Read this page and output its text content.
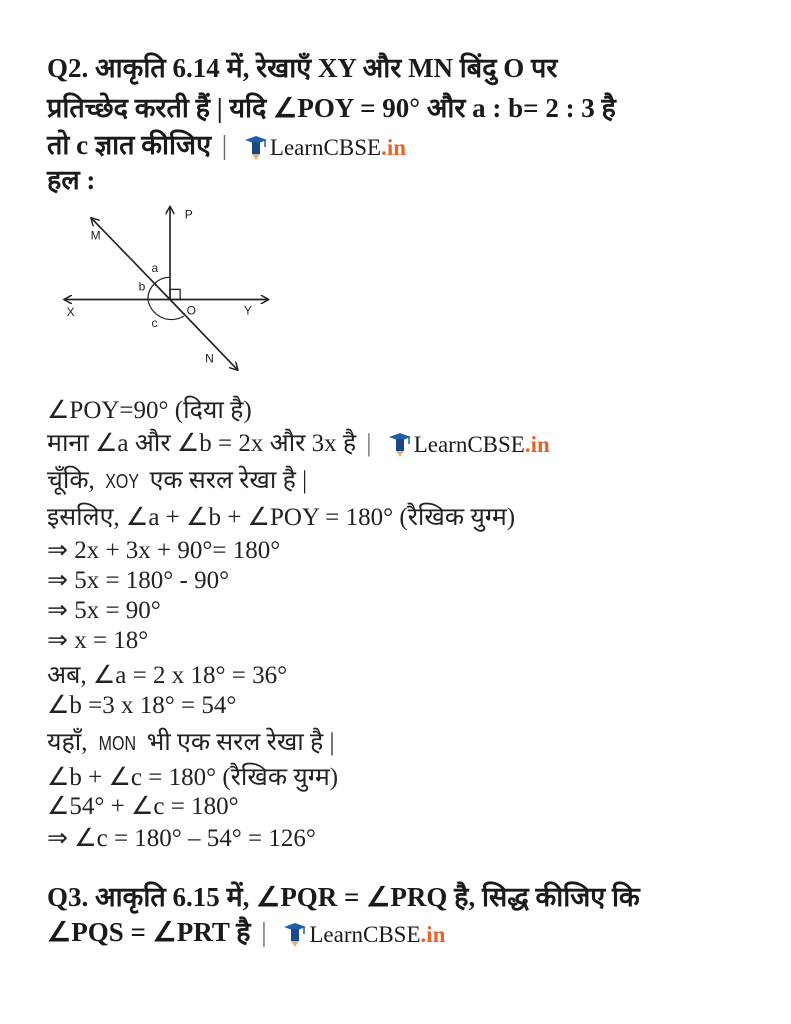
Q2. आकृति 6.14 में, रेखाएँ XY और MN बिंदु O पर
प्रतिच्छेद करती हैं | यदि ∠POY = 90° और a : b= 2 : 3 है
तो c ज्ञात कीजिए | LearnCBSE .in
हल :
P
M
a
b
X	O	Y
c
N
∠POY=90° (दिया है)
माना ∠a और ∠b = 2x और 3x है | LearnCBSE .in
चूँकि, XOY एक सरल रेखा है |
इसलिए, ∠a + ∠b + ∠POY = 180° (रैखिक युग्म)
⇒ 2x + 3x + 90°= 180°
⇒ 5x = 180° - 90°
⇒ 5x = 90°
⇒ x = 18°
अब, ∠a = 2 x 18° = 36°
∠b =3 x 18° = 54°
यहाँ, MON भी एक सरल रेखा है |
∠b + ∠c = 180° (रैखिक युग्म)
∠54° + ∠c = 180°
⇒ ∠c = 180° – 54° = 126°
Q3. आकृति 6.15 में, ∠PQR = ∠PRQ है, सिद्ध कीजिए कि
∠PQS = ∠PRT है | LearnCBSE .in
